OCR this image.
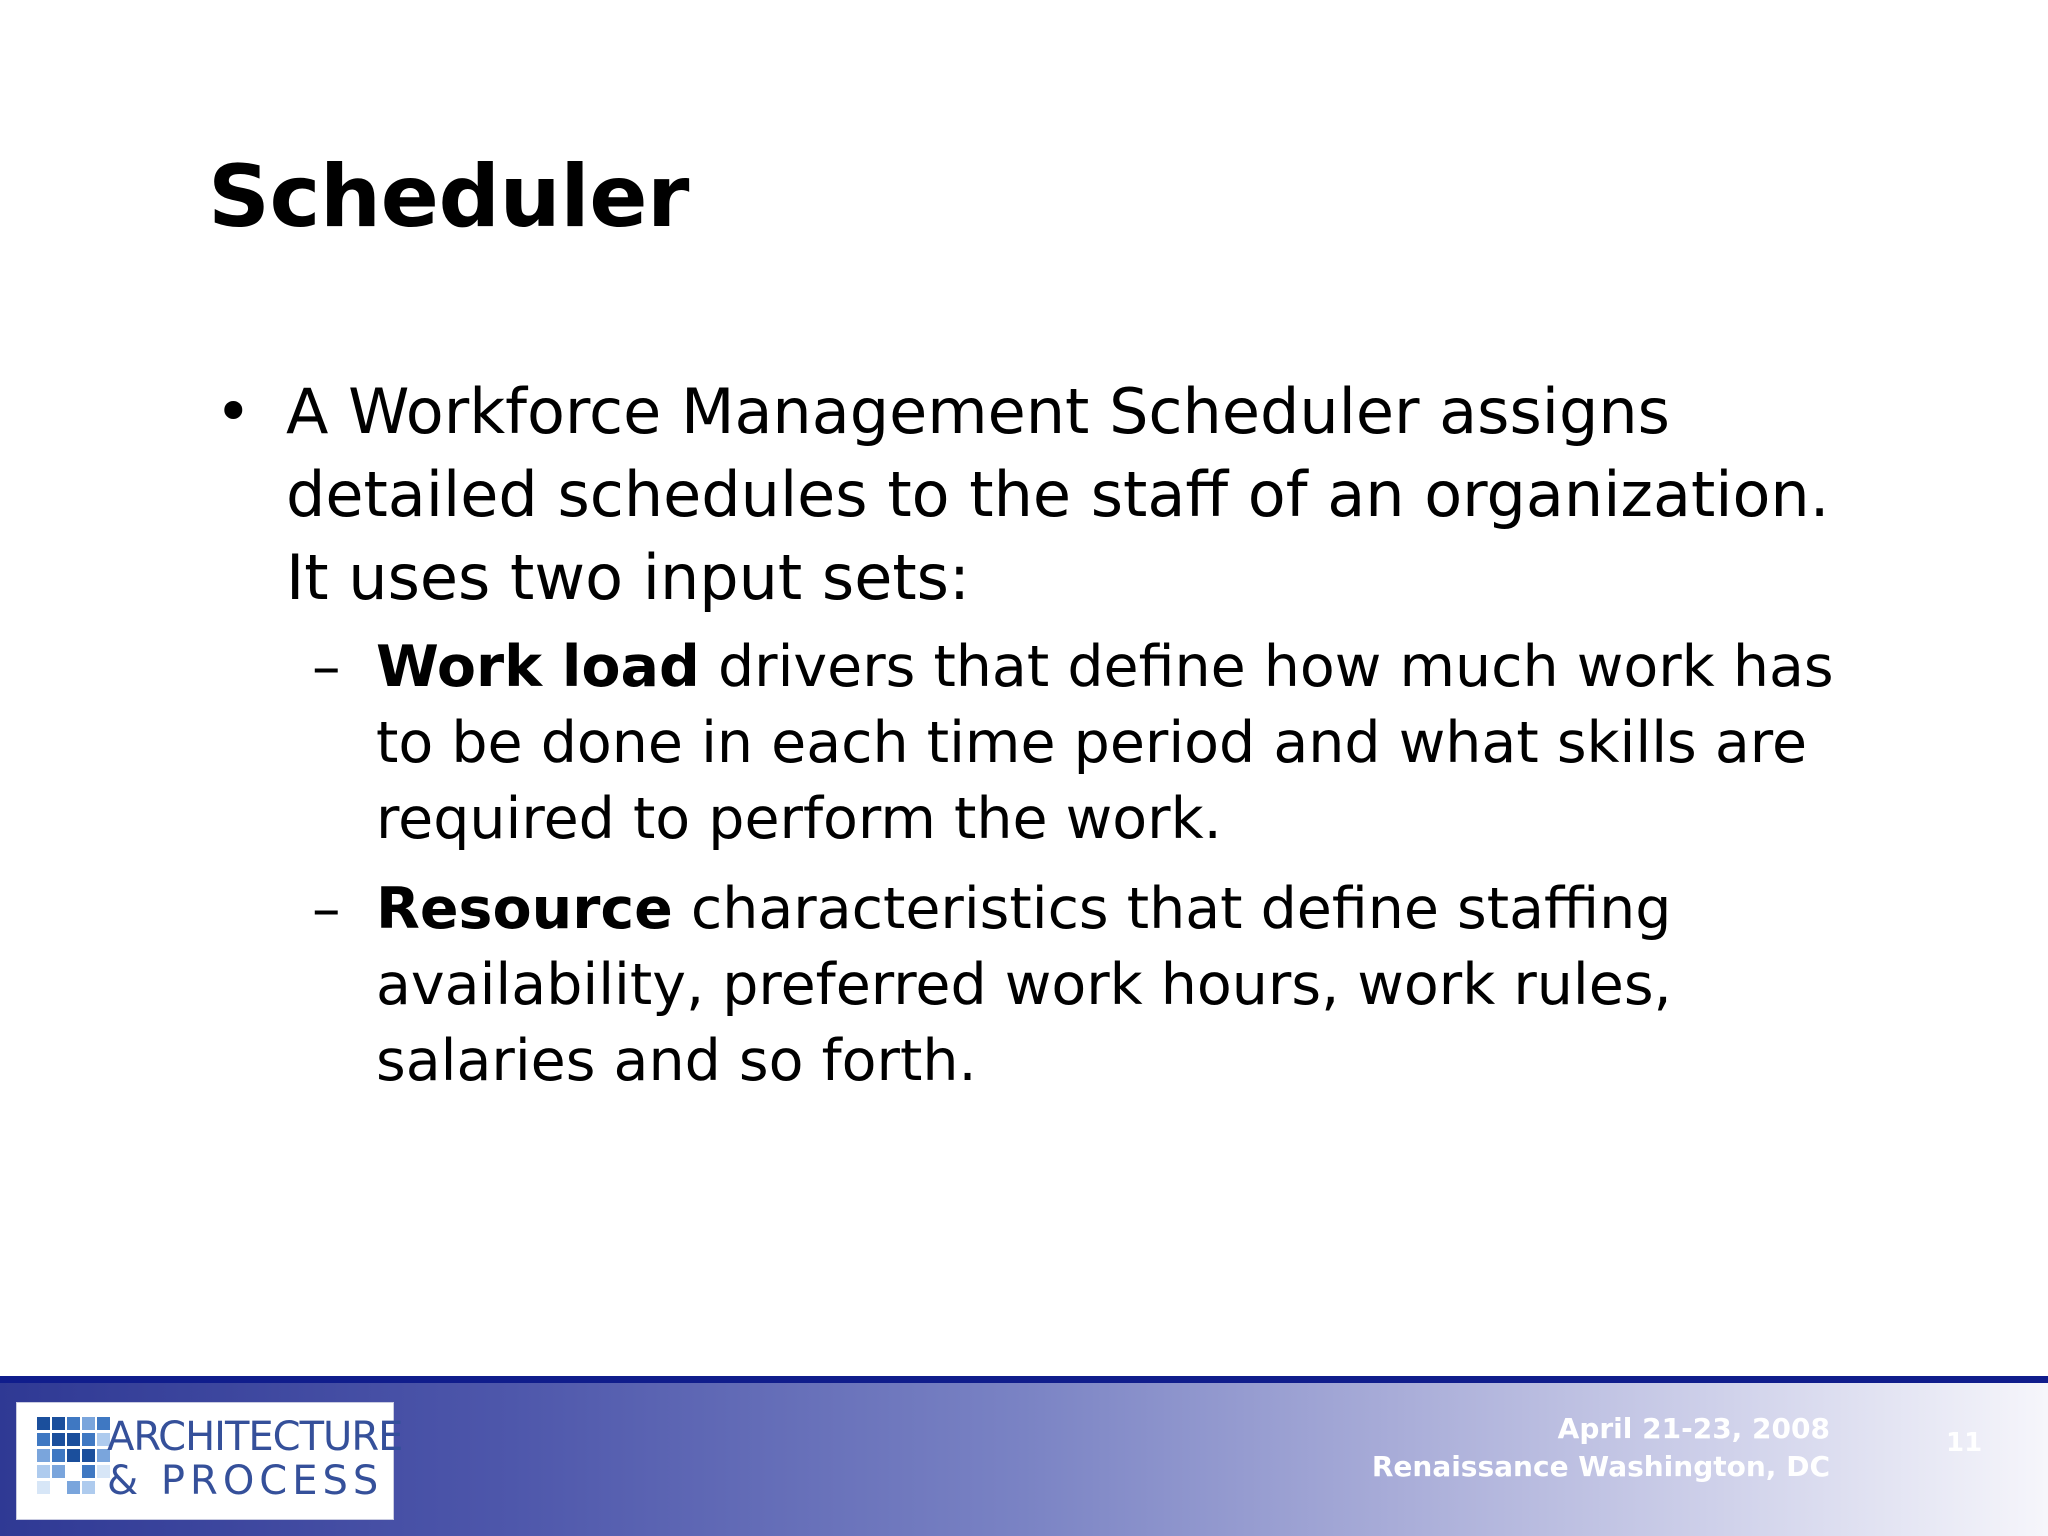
Scheduler

• A Workforce Management Scheduler assigns detailed schedules to the staff of an organization. It uses two input sets:

– Work load drivers that define how much work has to be done in each time period and what skills are required to perform the work.

– Resource characteristics that define staffing availability, preferred work hours, work rules, salaries and so forth.

ARCHITECTURE
& PROCESS
April 21-23, 2008
Renaissance Washington, DC
11
